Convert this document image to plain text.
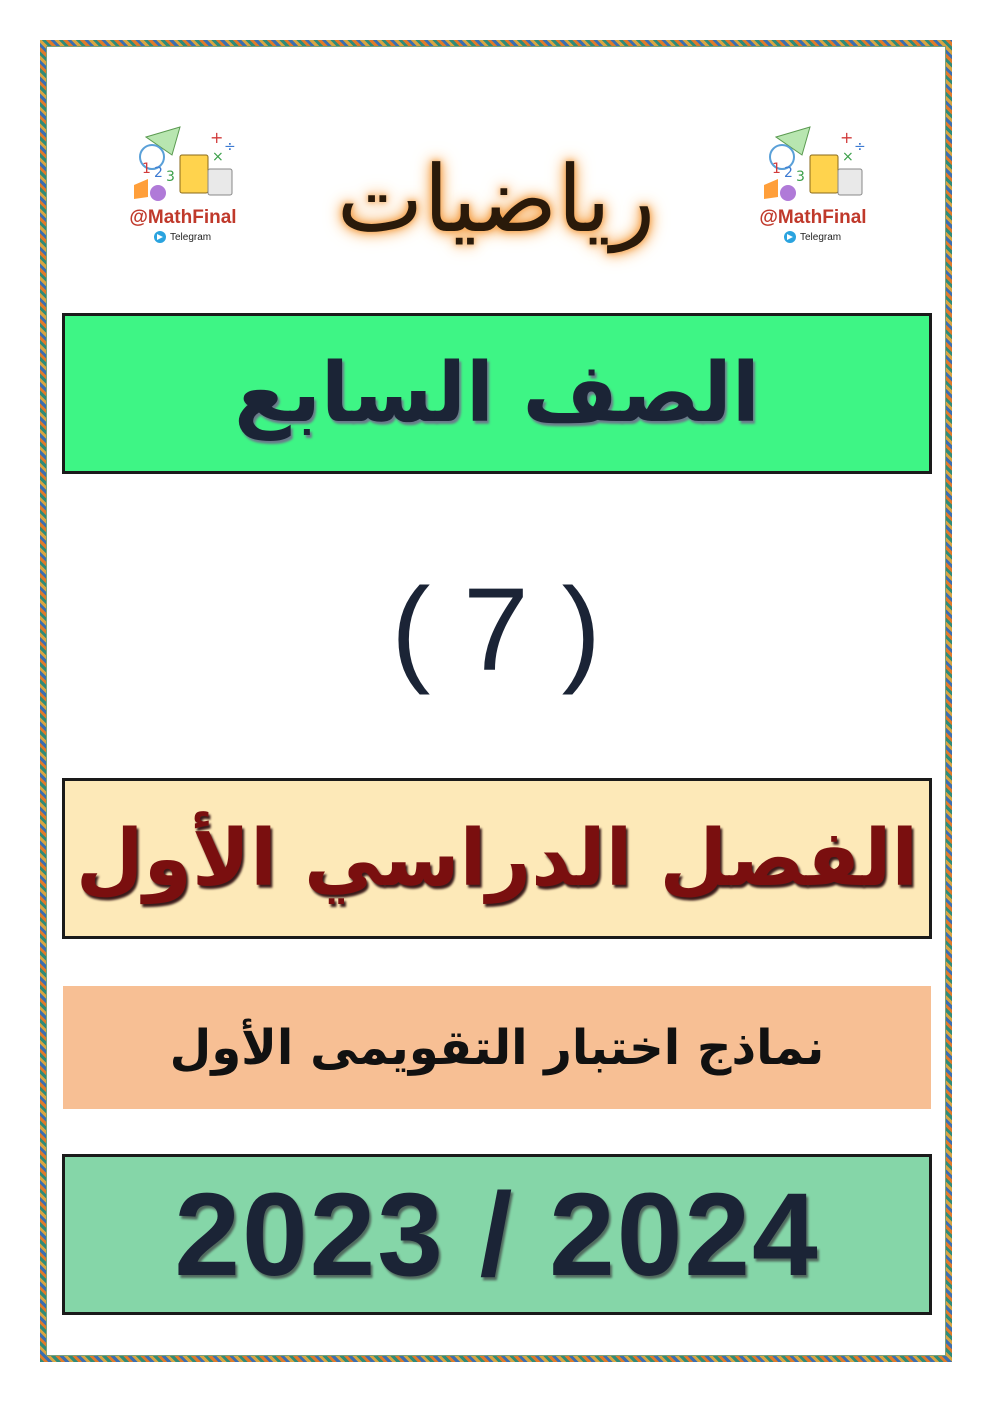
1 2 3
+ ÷
×
@MathFinal
Telegram
1 2 3
+ ÷
×
@MathFinal
Telegram
رياضيات
الصف السابع
( 7 )
الفصل الدراسي الأول
نماذج اختبار التقويمى الأول
2023 / 2024
